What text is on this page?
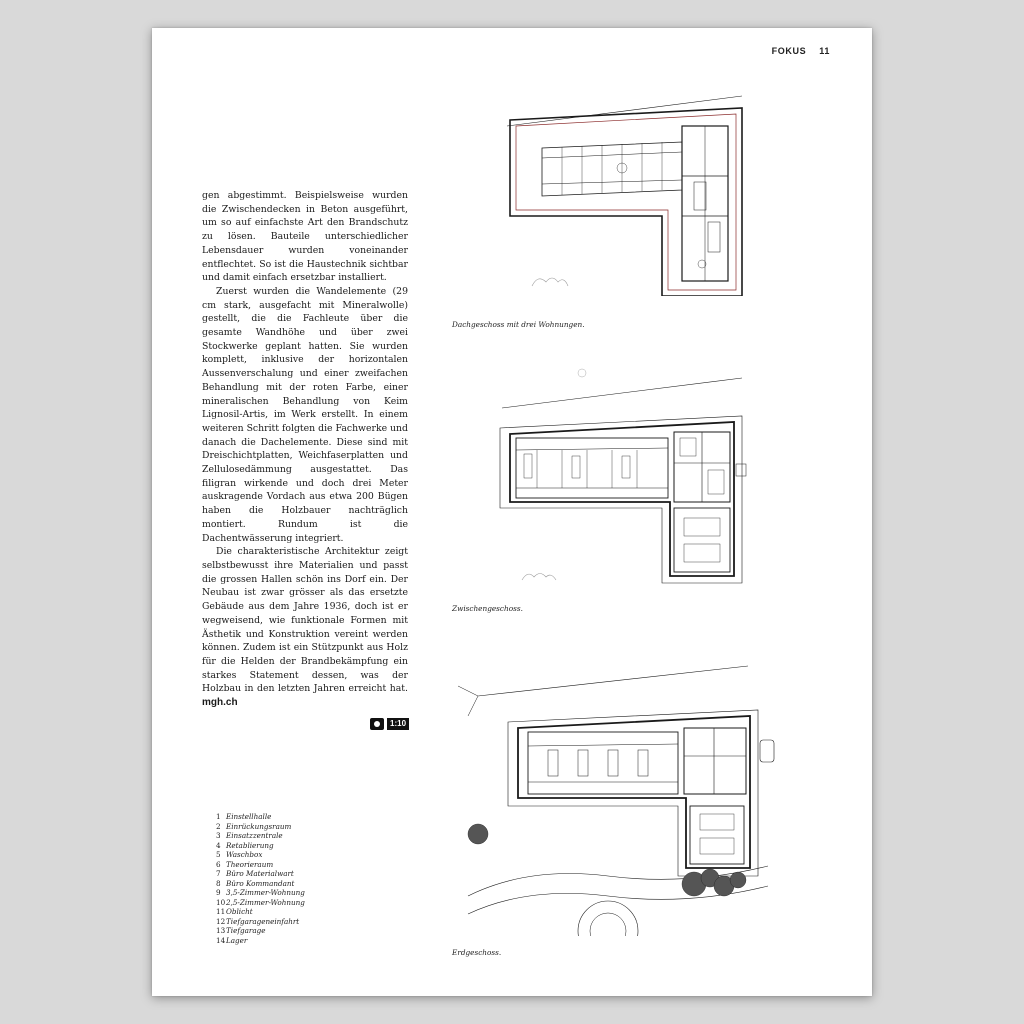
FOKUS 11

gen abgestimmt. Beispielsweise wurden die Zwischendecken in Beton ausgeführt, um so auf einfachste Art den Brandschutz zu lösen. Bauteile unterschiedlicher Lebensdauer wurden voneinander entflechtet. So ist die Haustechnik sichtbar und damit einfach ersetzbar installiert.

Zuerst wurden die Wandelemente (29 cm stark, ausgefacht mit Mineralwolle) gestellt, die die Fachleute über die gesamte Wandhöhe und über zwei Stockwerke geplant hatten. Sie wurden komplett, inklusive der horizontalen Aussenverschalung und einer zweifachen Behandlung mit der roten Farbe, einer mineralischen Behandlung von Keim Lignosil-Artis, im Werk erstellt. In einem weiteren Schritt folgten die Fachwerke und danach die Dachelemente. Diese sind mit Dreischichtplatten, Weichfaserplatten und Zellulosedämmung ausgestattet. Das filigran wirkende und doch drei Meter auskragende Vordach aus etwa 200 Bügen haben die Holzbauer nachträglich montiert. Rundum ist die Dachentwässerung integriert.

Die charakteristische Architektur zeigt selbstbewusst ihre Materialien und passt die grossen Hallen schön ins Dorf ein. Der Neubau ist zwar grösser als das ersetzte Gebäude aus dem Jahre 1936, doch ist er wegweisend, wie funktionale Formen mit Ästhetik und Konstruktion vereint werden können. Zudem ist ein Stützpunkt aus Holz für die Helden der Brandbekämpfung ein starkes Statement dessen, was der Holzbau in den letzten Jahren erreicht hat. mgh.ch

1:10
1 Einstellhalle
2 Einrückungsraum
3 Einsatzzentrale
4 Retablierung
5 Waschbox
6 Theorieraum
7 Büro Materialwart
8 Büro Kommandant
9 3,5-Zimmer-Wohnung
102,5-Zimmer-Wohnung
11Oblicht
12Tiefgarageneinfahrt
13Tiefgarage
14Lager
Dachgeschoss mit drei Wohnungen.
Zwischengeschoss.
Erdgeschoss.
